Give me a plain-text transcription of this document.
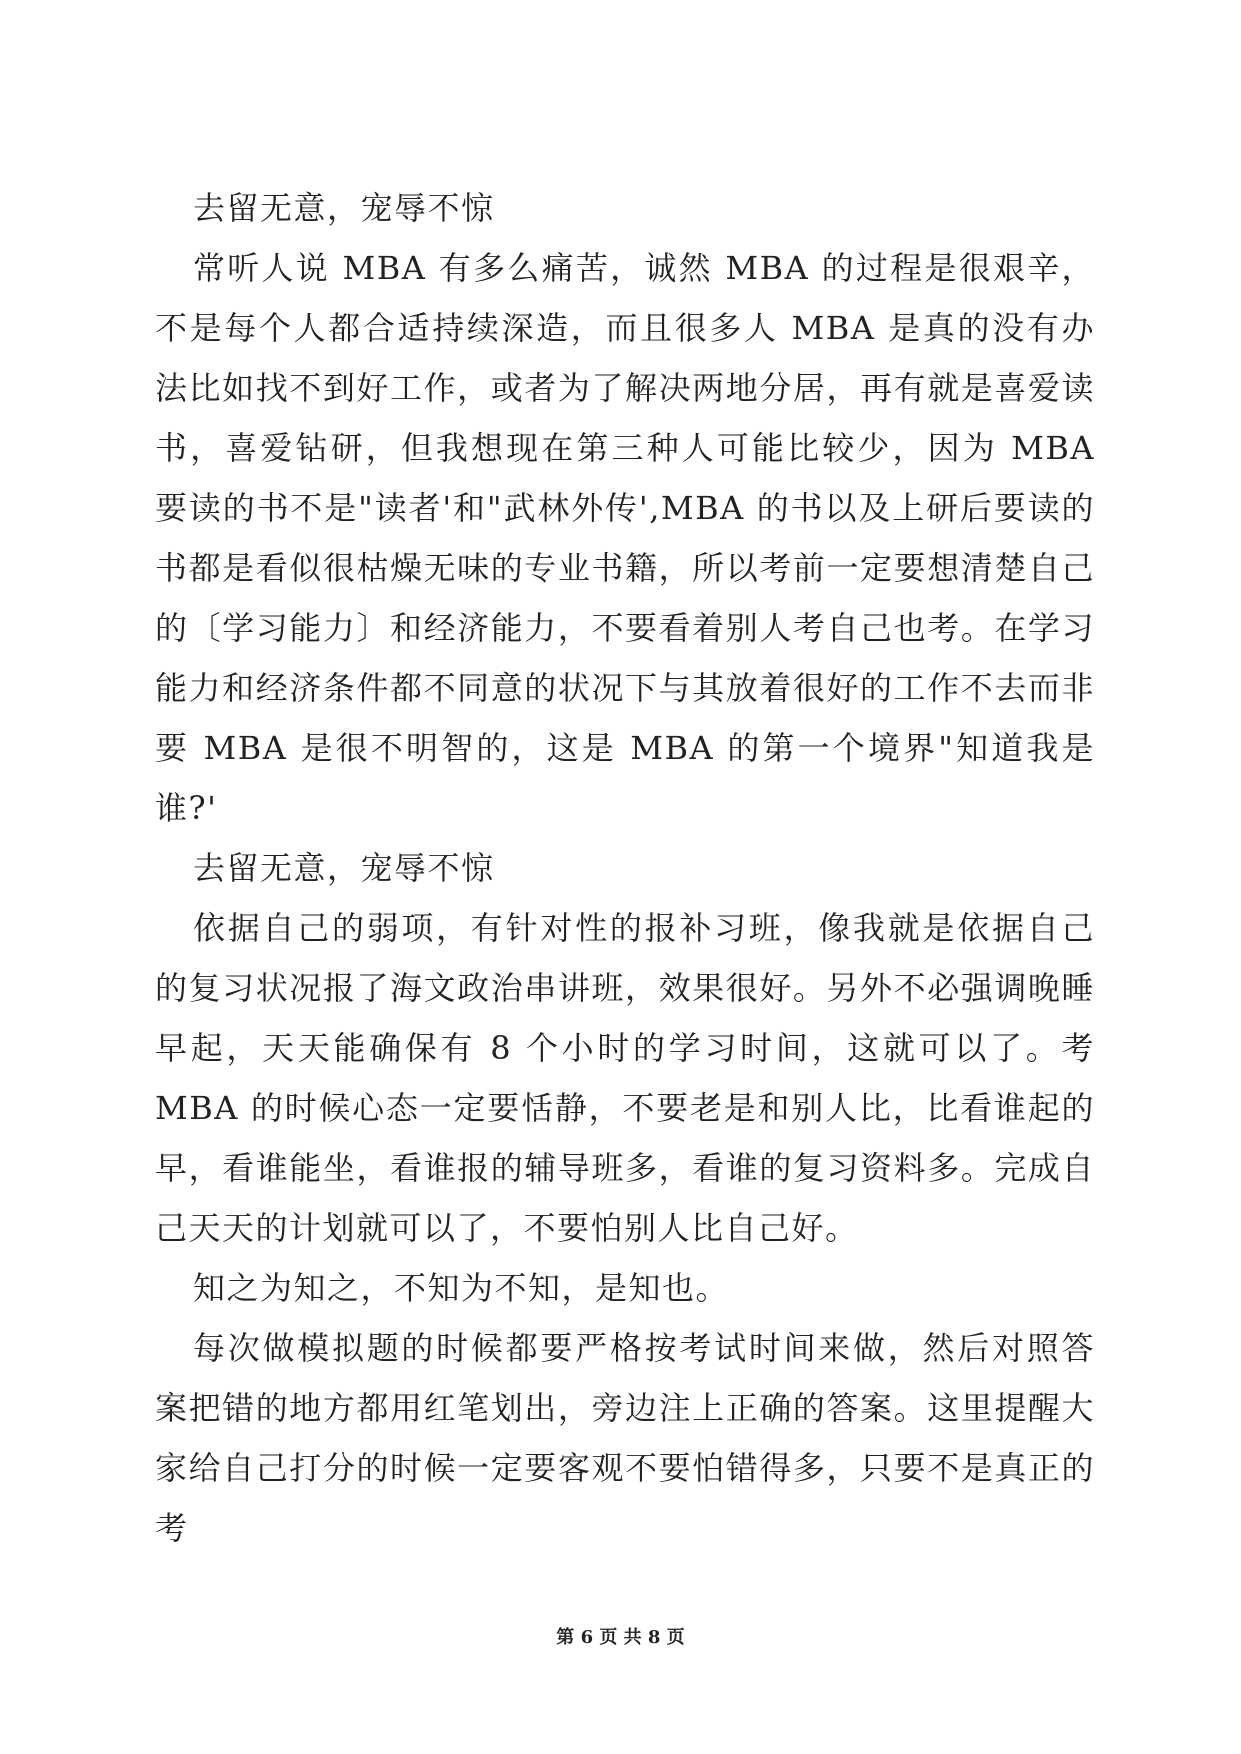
去留无意，宠辱不惊

常听人说 MBA 有多么痛苦，诚然 MBA 的过程是很艰辛，不是每个人都合适持续深造，而且很多人 MBA 是真的没有办法比如找不到好工作，或者为了解决两地分居，再有就是喜爱读书，喜爱钻研，但我想现在第三种人可能比较少，因为 MBA 要读的书不是"读者'和"武林外传',MBA 的书以及上研后要读的书都是看似很枯燥无味的专业书籍，所以考前一定要想清楚自己的〔学习能力〕和经济能力，不要看着别人考自己也考。在学习能力和经济条件都不同意的状况下与其放着很好的工作不去而非要 MBA 是很不明智的，这是 MBA 的第一个境界"知道我是谁?'

去留无意，宠辱不惊

依据自己的弱项，有针对性的报补习班，像我就是依据自己的复习状况报了海文政治串讲班，效果很好。另外不必强调晚睡早起，天天能确保有 8 个小时的学习时间，这就可以了。考 MBA 的时候心态一定要恬静，不要老是和别人比，比看谁起的早，看谁能坐，看谁报的辅导班多，看谁的复习资料多。完成自己天天的计划就可以了，不要怕别人比自己好。

知之为知之，不知为不知，是知也。

每次做模拟题的时候都要严格按考试时间来做，然后对照答案把错的地方都用红笔划出，旁边注上正确的答案。这里提醒大家给自己打分的时候一定要客观不要怕错得多，只要不是真正的考

第 6 页 共 8 页
